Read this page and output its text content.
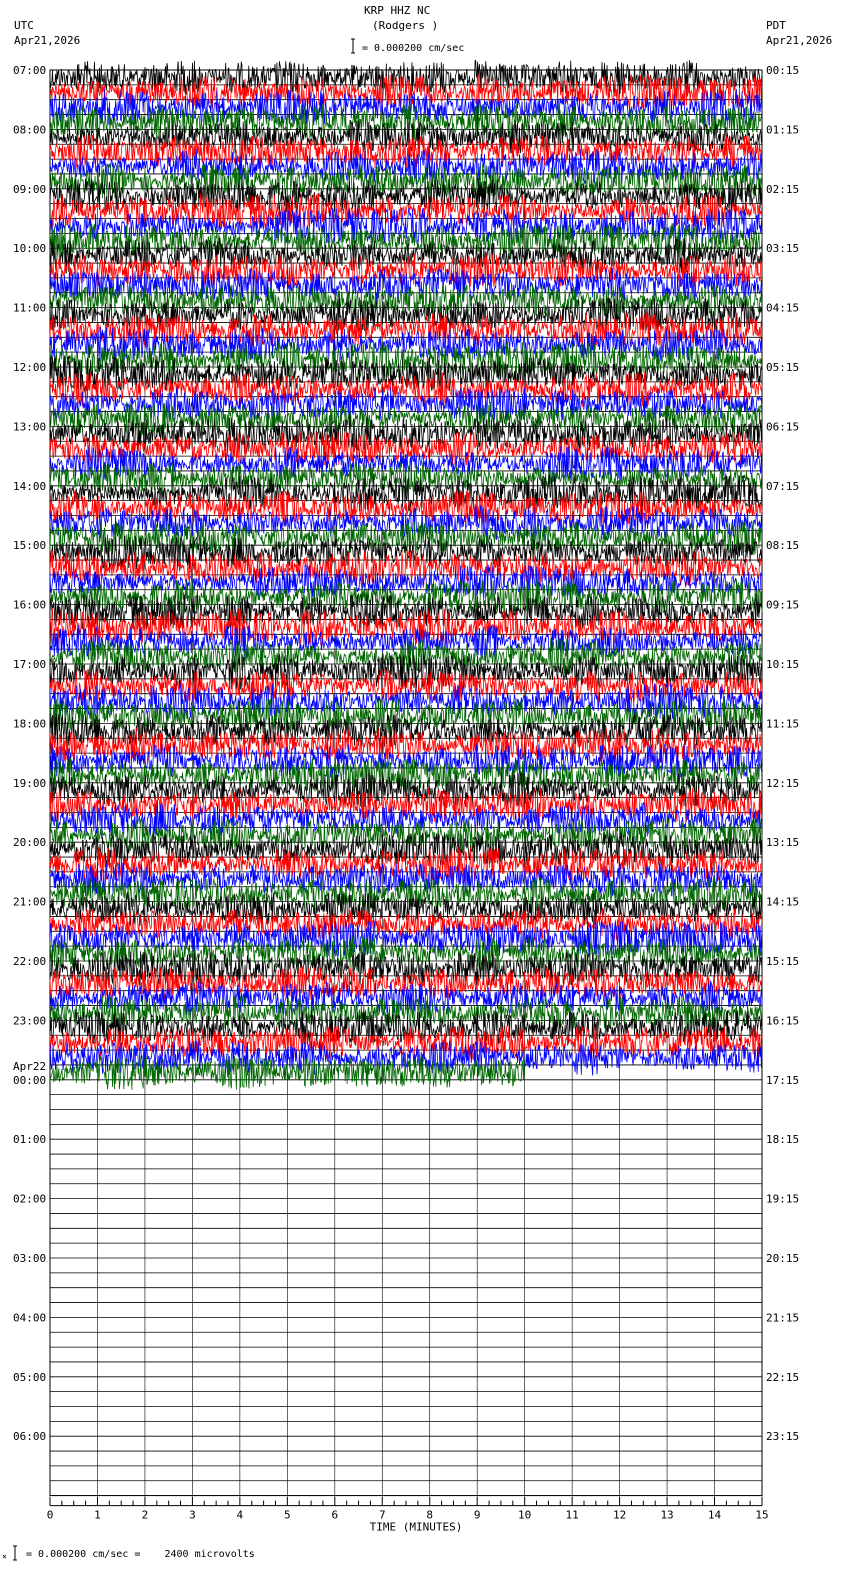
KRP HHZ NC
(Rodgers )
= 0.000200 cm/sec
UTC
Apr21,2026
PDT
Apr21,2026
= 0.000200 cm/sec =    2400 microvolts
×
0	1	2	3	4	5	6	7	8	9	10	11	12	13	14	15
TIME (MINUTES)
07:00	00:15
08:00	01:15
09:00	02:15
10:00	03:15
11:00	04:15
12:00	05:15
13:00	06:15
14:00	07:15
15:00	08:15
16:00	09:15
17:00	10:15
18:00	11:15
19:00	12:15
20:00	13:15
21:00	14:15
22:00	15:15
23:00	16:15
00:00	17:15
01:00	18:15
02:00	19:15
03:00	20:15
04:00	21:15
05:00	22:15
06:00	23:15
Apr22
